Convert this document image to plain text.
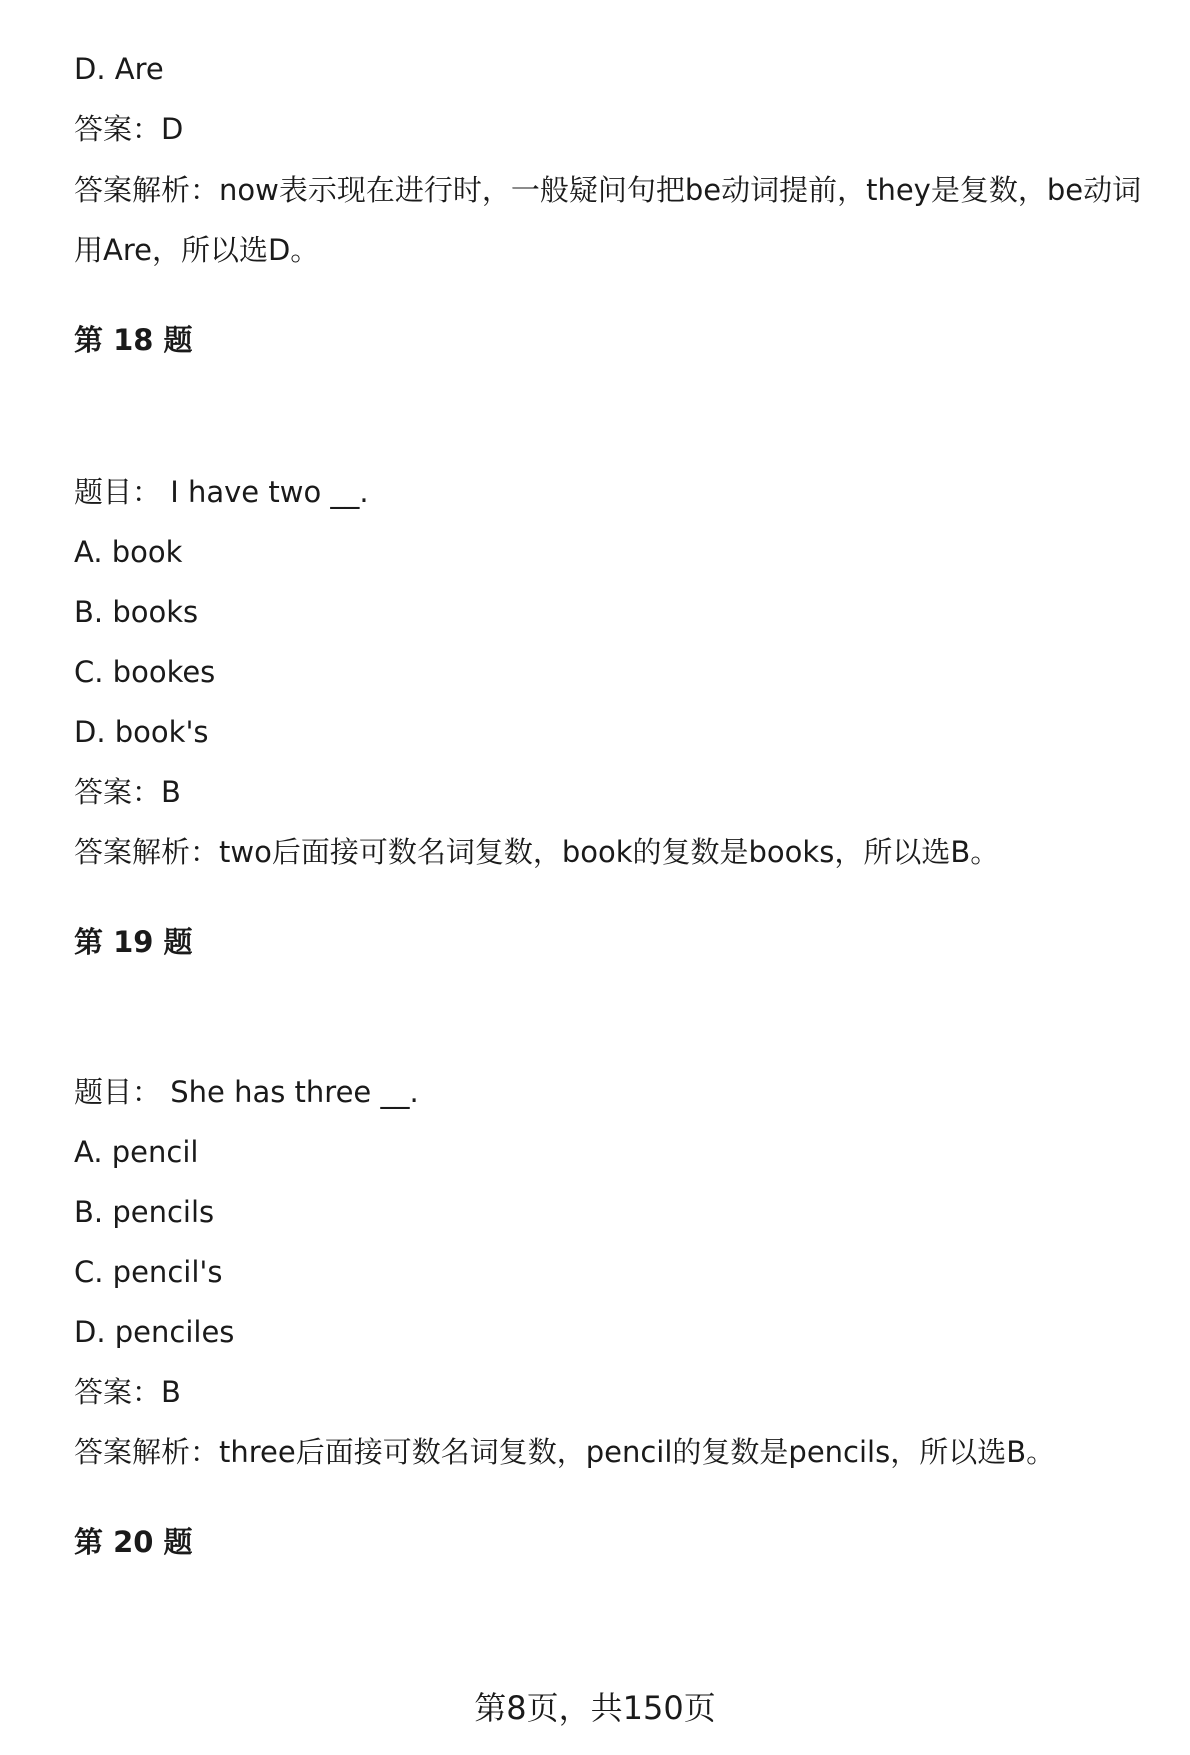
D. Are
答案：D
答案解析：now表示现在进行时，一般疑问句把be动词提前，they是复数，be动词用Are，所以选D。
第 18 题
题目： I have two __.
A. book
B. books
C. bookes
D. book's
答案：B
答案解析：two后面接可数名词复数，book的复数是books，所以选B。
第 19 题
题目： She has three __.
A. pencil
B. pencils
C. pencil's
D. penciles
答案：B
答案解析：three后面接可数名词复数，pencil的复数是pencils，所以选B。
第 20 题
第8页，共150页
